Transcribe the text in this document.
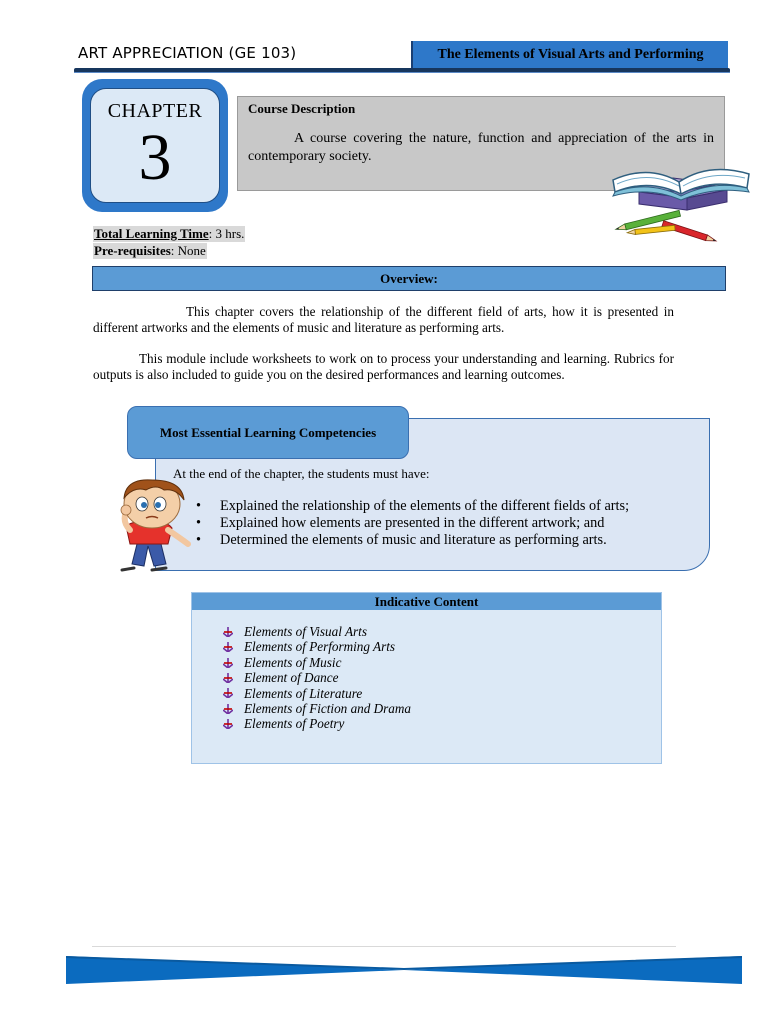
ART APPRECIATION (GE 103)	The Elements of Visual Arts and Performing
CHAPTER
3
Course Description
A course covering the nature, function and appreciation of the arts in contemporary society.
Total Learning Time: 3 hrs.
Pre-requisites: None
Overview:

This chapter covers the relationship of the different field of arts, how it is presented in different artworks and the elements of music and literature as performing arts.

This module include worksheets to work on to process your understanding and learning. Rubrics for outputs is also included to guide you on the desired performances and learning outcomes.

Most Essential Learning Competencies
At the end of the chapter, the students must have:
• Explained the relationship of the elements of the different fields of arts;
• Explained how elements are presented in the different artwork; and
• Determined the elements of music and literature as performing arts.
Indicative Content
Elements of Visual Arts
Elements of Performing Arts
Elements of Music
Element of Dance
Elements of Literature
Elements of Fiction and Drama
Elements of Poetry
